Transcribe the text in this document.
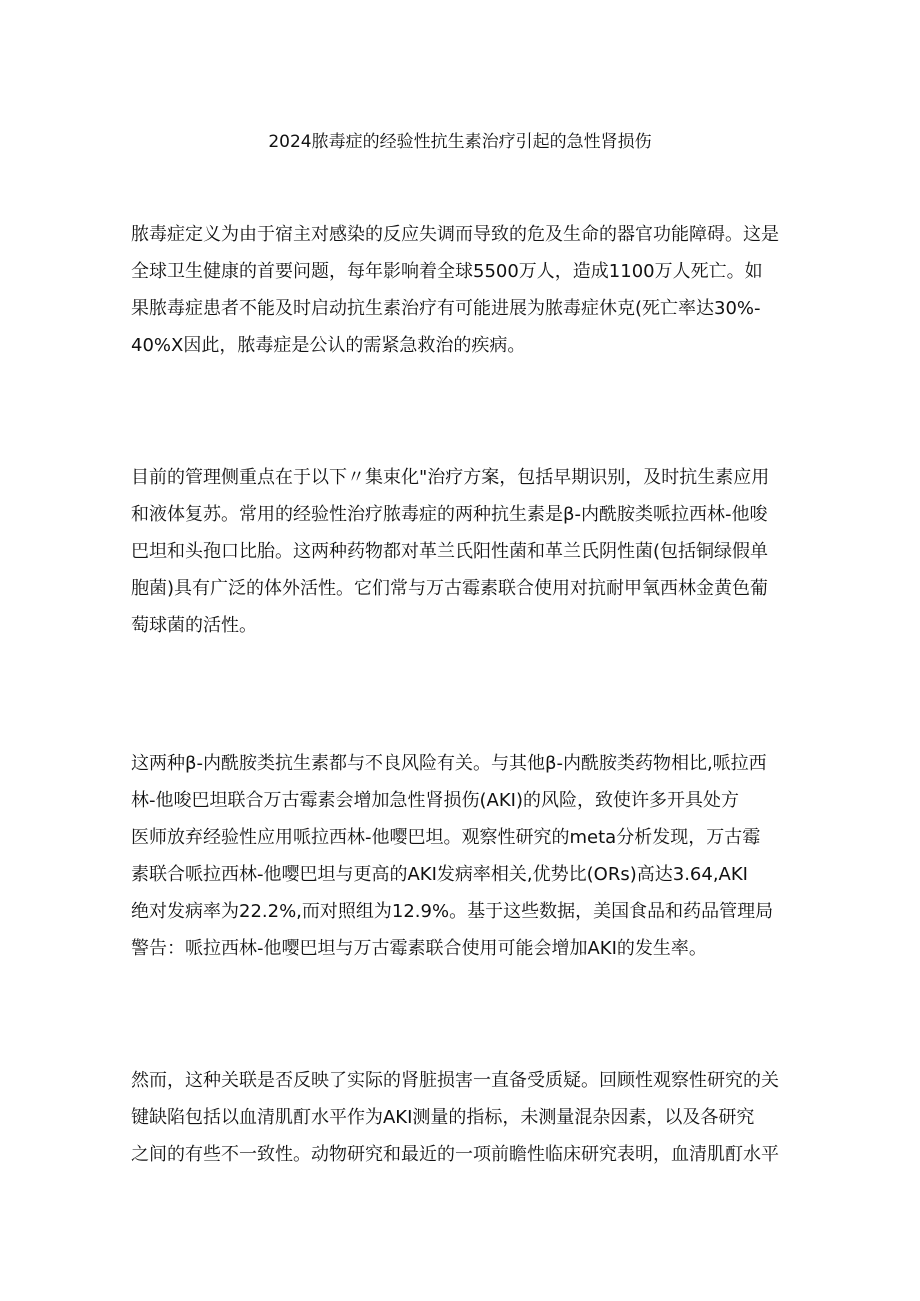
2024脓毒症的经验性抗生素治疗引起的急性肾损伤
脓毒症定义为由于宿主对感染的反应失调而导致的危及生命的器官功能障碍。这是
全球卫生健康的首要问题，每年影响着全球5500万人，造成1100万人死亡。如
果脓毒症患者不能及时启动抗生素治疗有可能进展为脓毒症休克(死亡率达30%-
40%X因此，脓毒症是公认的需紧急救治的疾病。
目前的管理侧重点在于以下〃集束化"治疗方案，包括早期识别，及时抗生素应用
和液体复苏。常用的经验性治疗脓毒症的两种抗生素是β-内酰胺类哌拉西林-他唆
巴坦和头孢口比胎。这两种药物都对革兰氏阳性菌和革兰氏阴性菌(包括铜绿假单
胞菌)具有广泛的体外活性。它们常与万古霉素联合使用对抗耐甲氧西林金黄色葡
萄球菌的活性。
这两种β-内酰胺类抗生素都与不良风险有关。与其他β-内酰胺类药物相比,哌拉西
林-他唆巴坦联合万古霉素会增加急性肾损伤(AKI)的风险，致使许多开具处方
医师放弃经验性应用哌拉西林-他嘤巴坦。观察性研究的meta分析发现，万古霉
素联合哌拉西林-他嘤巴坦与更高的AKI发病率相关,优势比(ORs)高达3.64,AKI
绝对发病率为22.2%,而对照组为12.9%。基于这些数据，美国食品和药品管理局
警告：哌拉西林-他嘤巴坦与万古霉素联合使用可能会增加AKI的发生率。
然而，这种关联是否反映了实际的肾脏损害一直备受质疑。回顾性观察性研究的关
键缺陷包括以血清肌酊水平作为AKI测量的指标，未测量混杂因素，以及各研究
之间的有些不一致性。动物研究和最近的一项前瞻性临床研究表明，血清肌酊水平
